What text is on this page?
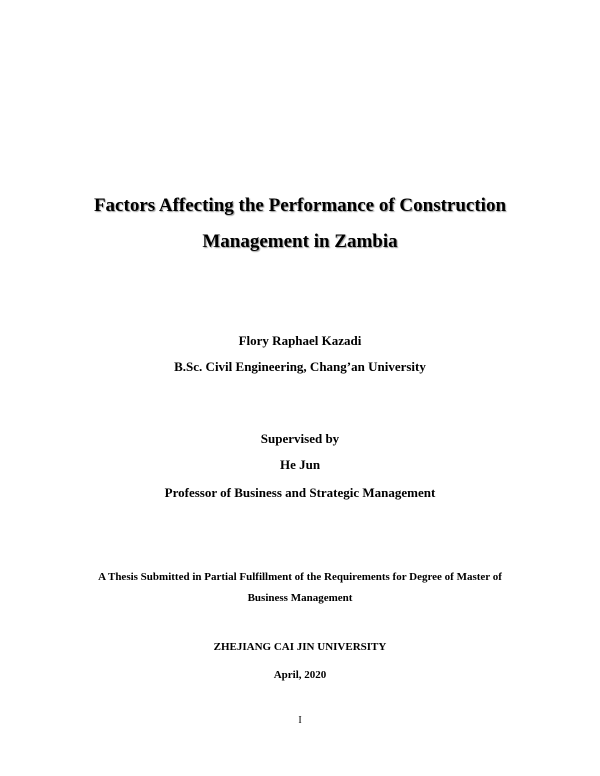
Factors Affecting the Performance of Construction
Management in Zambia
Flory Raphael Kazadi
B.Sc. Civil Engineering, Chang’an University
Supervised by
He Jun
Professor of Business and Strategic Management
A Thesis Submitted in Partial Fulfillment of the Requirements for Degree of Master of
Business Management
ZHEJIANG CAI JIN UNIVERSITY
April, 2020
I
